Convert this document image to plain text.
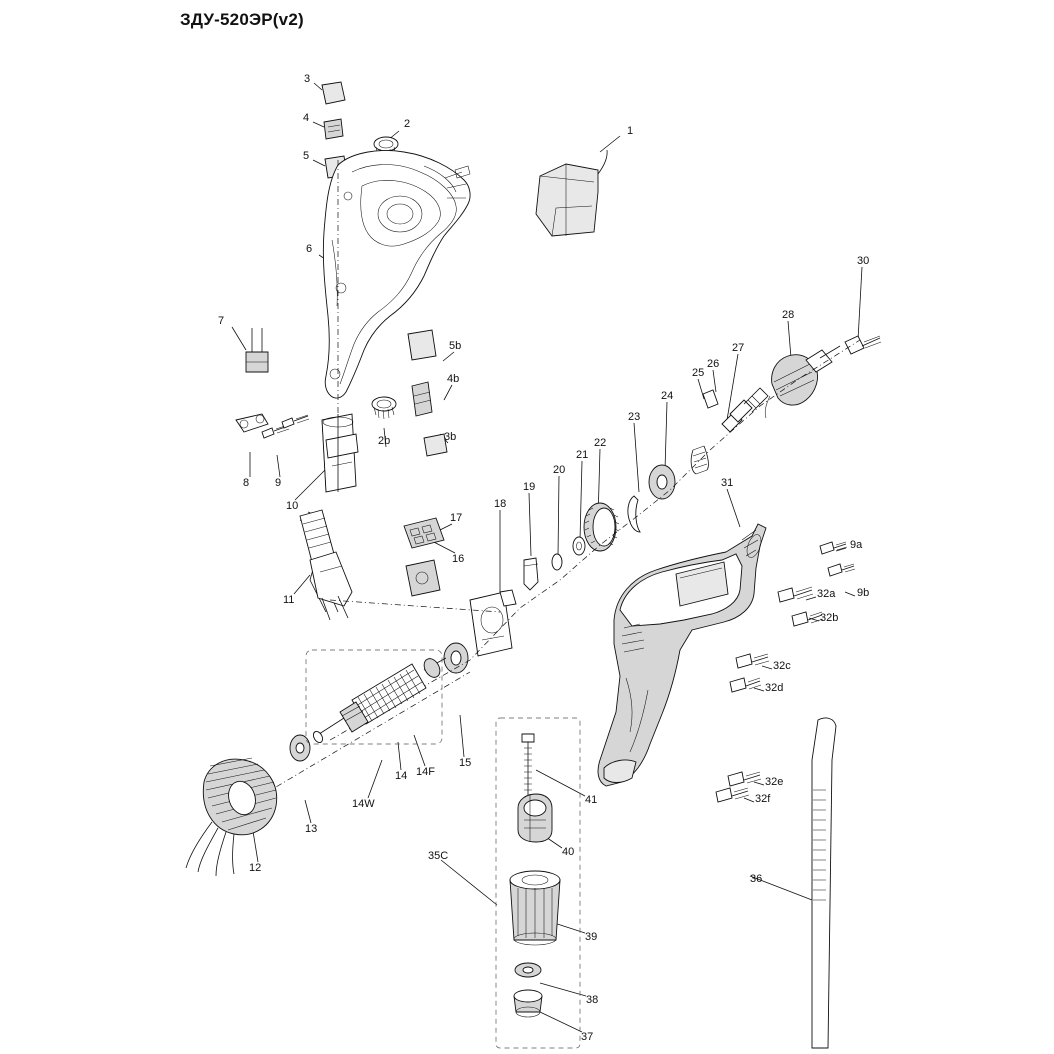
ЗДУ-520ЭР(v2)
1
2
3
4
5
6
7
8 9
10
11
12
13
14
14W
14F
15
16
17
18
19
20
21
22
23
24
25
26
27
28
30
31
2b	3b
4b
5b
9a
9b
32a
32b
32c
32d
32e
32f
35C
36
37
38
39
40
41
